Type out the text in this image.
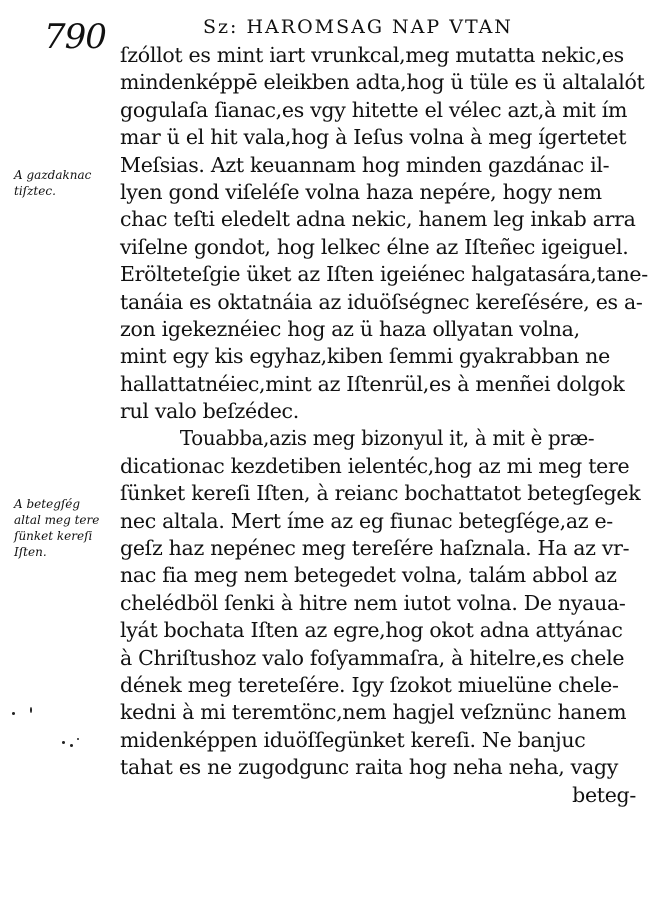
790	Sz: HAROMSAG NAP VTAN
A gazdaknac
tiſztec.
A betegſég
altal meg tere
ſünket kereſi
Iſten.
ſzóllot es mint iart vrunkcal,meg mutatta nekic,es
mindenképpē eleikben adta,hog ü tüle es ü altalalót
gogulaſa ſianac,es vgy hitette el vélec azt,à mit ím
mar ü el hit vala,hog à Ieſus volna à meg ígertetet
Meſsias. Azt keuannam hog minden gazdánac il-
lyen gond viſeléſe volna haza nepére, hogy nem
chac teſti eledelt adna nekic, hanem leg inkab arra
viſelne gondot, hog lelkec élne az Iſteñec igeiguel.
Erölteteſgie üket az Iſten igeiénec halgatasára,tane-
tanáia es oktatnáia az iduöſségnec kereſésére, es a-
zon igekeznéiec hog az ü haza ollyatan volna,
mint egy kis egyhaz,kiben ſemmi gyakrabban ne
hallattatnéiec,mint az Iſtenrül,es à menñei dolgok
rul valo beſzédec.
Touabba,azis meg bizonyul it, à mit è præ-
dicationac kezdetiben ielentéc,hog az mi meg tere
ſünket kereſi Iſten, à reianc bochattatot betegſegek
nec altala. Mert íme az eg fiunac betegſége,az e-
geſz haz nepénec meg tereſére haſznala. Ha az vr-
nac fia meg nem betegedet volna, talám abbol az
chelédböl ſenki à hitre nem iutot volna. De nyaua-
lyát bochata Iſten az egre,hog okot adna attyánac
à Chriſtushoz valo foſyammaſra, à hitelre,es chele
dének meg tereteſére. Igy ſzokot miuelüne chele-
kedni à mi teremtönc,nem hagjel veſznünc hanem
midenképpen iduöſſegünket kereſi. Ne banjuc
tahat es ne zugodgunc raita hog neha neha, vagy
beteg-
